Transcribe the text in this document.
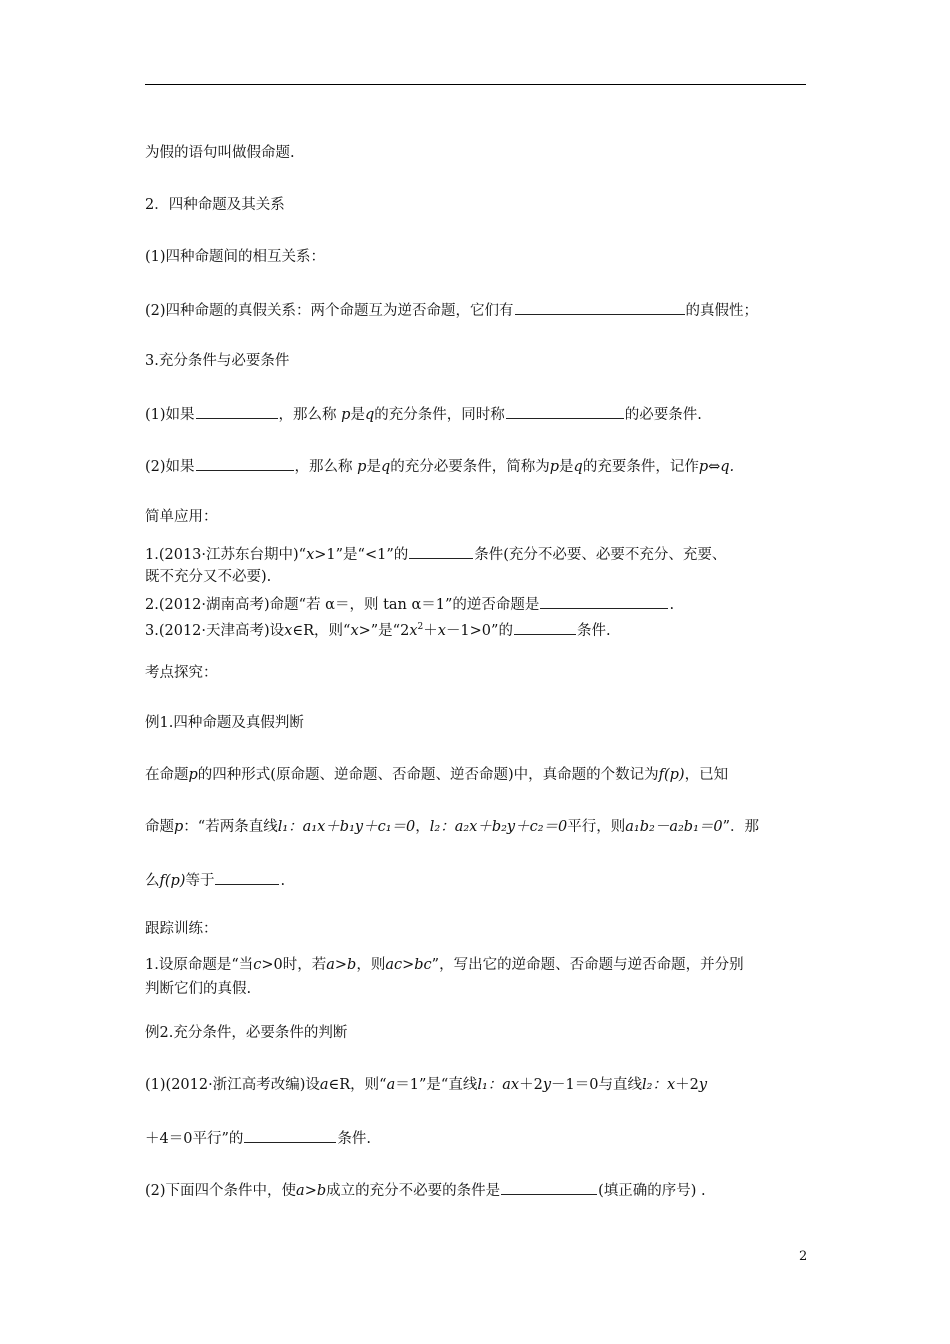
为假的语句叫做假命题.
2．四种命题及其关系
(1)四种命题间的相互关系：
(2)四种命题的真假关系：两个命题互为逆否命题，它们有	的真假性；
3.充分条件与必要条件
(1)如果	，那么称 p是q的充分条件，同时称	的必要条件.
(2)如果	，那么称 p是q的充分必要条件，简称为p是q的充要条件，记作p⇔q.
简单应用：
1.(2013·江苏东台期中)“x>1”是“<1”的	条件(充分不必要、必要不充分、充要、
既不充分又不必要).
2.(2012·湖南高考)命题“若 α＝，则 tan α＝1”的逆否命题是	.
3.(2012·天津高考)设x∈R，则“x>”是“$2x^2+x-1>0$”的	条件.
考点探究：
例1.四种命题及真假判断
在命题p的四种形式(原命题、逆命题、否命题、逆否命题)中，真命题的个数记为f(p)，已知
命题p：“若两条直线l₁：a₁x＋b₁y＋c₁＝0，l₂：a₂x＋b₂y＋c₂＝0平行，则a₁b₂－a₂b₁＝0”．那
么f(p)等于	.
跟踪训练：
1.设原命题是“当c>0时，若a>b，则ac>bc”，写出它的逆命题、否命题与逆否命题，并分别
判断它们的真假.
例2.充分条件，必要条件的判断
(1)(2012·浙江高考改编)设a∈R，则“a＝1”是“直线l₁：ax＋2y－1＝0与直线l₂：x＋2y
＋4＝0平行”的	条件.
(2)下面四个条件中，使a>b成立的充分不必要的条件是	(填正确的序号) .
2
